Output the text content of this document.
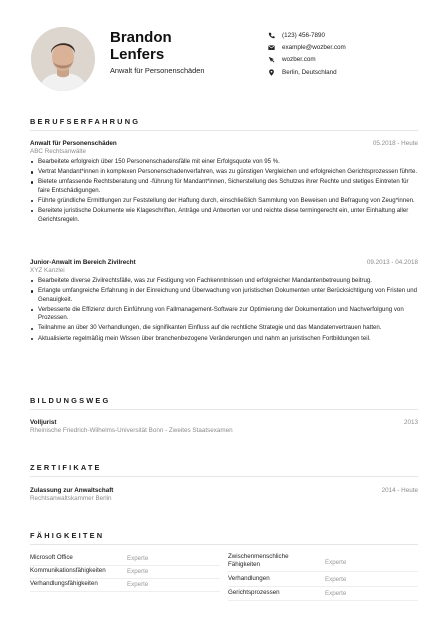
Brandon
Lenfers
Anwalt für Personenschäden
(123) 456-7890
example@wozber.com
wozber.com
Berlin, Deutschland
BERUFSERFAHRUNG
Anwalt für Personenschäden	05.2018 - Heute
ABC Rechtsanwälte
Bearbeitete erfolgreich über 150 Personenschadensfälle mit einer Erfolgsquote von 95 %.
Vertrat Mandant*innen in komplexen Personenschadenverfahren, was zu günstigen Vergleichen und erfolgreichen Gerichtsprozessen führte.
Bietete umfassende Rechtsberatung und -führung für Mandant*innen, Sicherstellung des Schutzes ihrer Rechte und stetiges Eintreten für faire Entschädigungen.
Führte gründliche Ermittlungen zur Feststellung der Haftung durch, einschließlich Sammlung von Beweisen und Befragung von Zeug*innen.
Bereitete juristische Dokumente wie Klageschriften, Anträge und Antworten vor und reichte diese termingerecht ein, unter Einhaltung aller Gerichtsregeln.
Junior-Anwalt im Bereich Zivilrecht	09.2013 - 04.2018
XYZ Kanzlei
Bearbeitete diverse Zivilrechtsfälle, was zur Festigung von Fachkenntnissen und erfolgreicher Mandantenbetreuung beitrug.
Erlangte umfangreiche Erfahrung in der Einreichung und Überwachung von juristischen Dokumenten unter Berücksichtigung von Fristen und Genauigkeit.
Verbesserte die Effizienz durch Einführung von Fallmanagement-Software zur Optimierung der Dokumentation und Nachverfolgung von Prozessen.
Teilnahme an über 30 Verhandlungen, die signifikanten Einfluss auf die rechtliche Strategie und das Mandatenvertrauen hatten.
Aktualisierte regelmäßig mein Wissen über branchenbezogene Veränderungen und nahm an juristischen Fortbildungen teil.
BILDUNGSWEG
Volljurist	2013
Rheinische Friedrich-Wilhelms-Universität Bonn - Zweites Staatsexamen
ZERTIFIKATE
Zulassung zur Anwaltschaft	2014 - Heute
Rechtsanwaltskammer Berlin
FÄHIGKEITEN
Microsoft Office	Experte
Kommunikationsfähigkeiten	Experte
Verhandlungsfähigkeiten	Experte
Zwischenmenschliche Fähigkeiten	Experte
Verhandlungen	Experte
Gerichtsprozessen	Experte
